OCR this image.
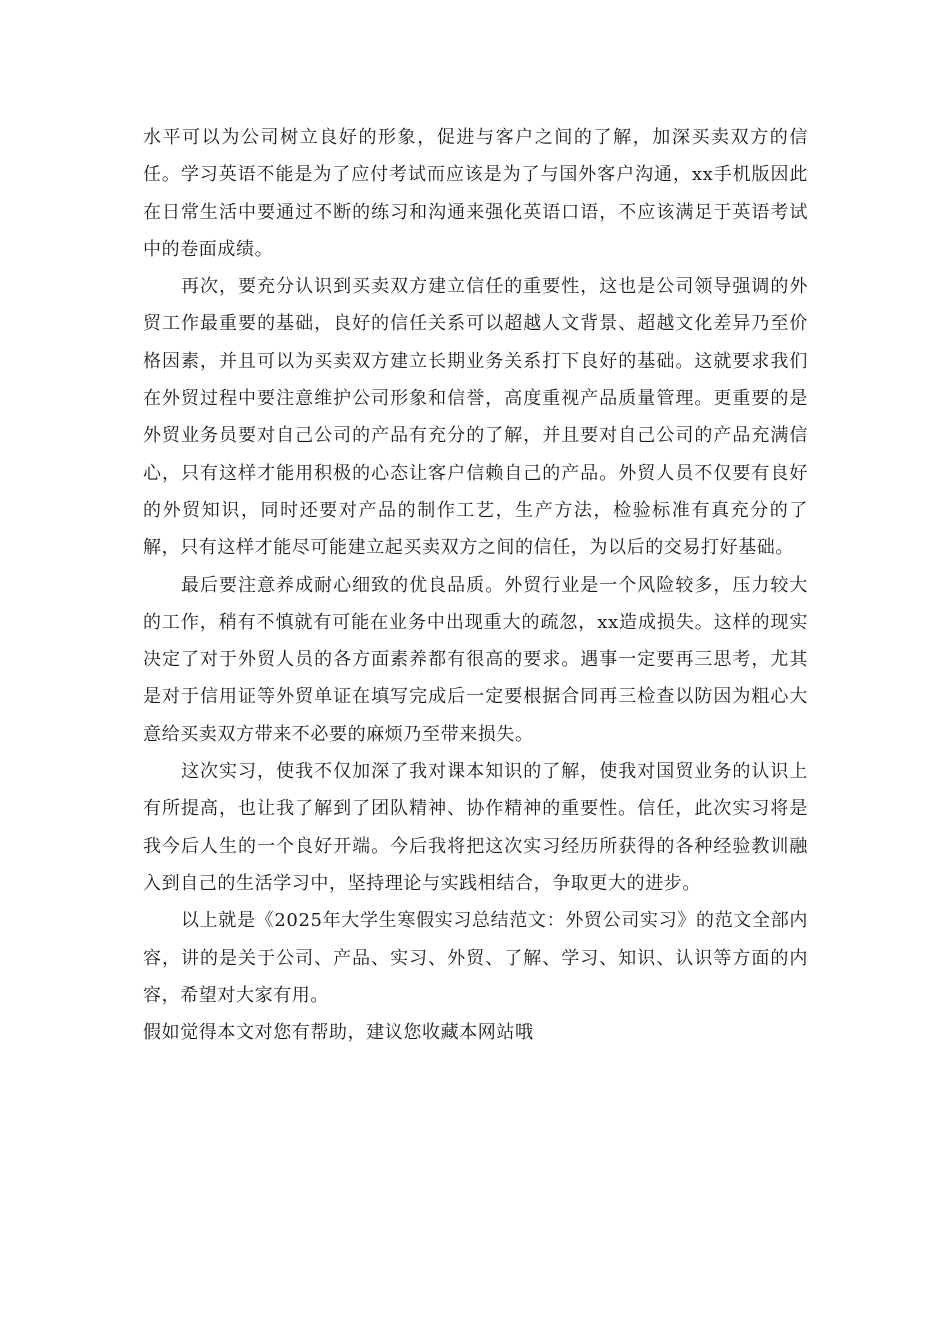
水平可以为公司树立良好的形象，促进与客户之间的了解，加深买卖双方的信任。学习英语不能是为了应付考试而应该是为了与国外客户沟通，xx手机版因此在日常生活中要通过不断的练习和沟通来强化英语口语，不应该满足于英语考试中的卷面成绩。

再次，要充分认识到买卖双方建立信任的重要性，这也是公司领导强调的外贸工作最重要的基础，良好的信任关系可以超越人文背景、超越文化差异乃至价格因素，并且可以为买卖双方建立长期业务关系打下良好的基础。这就要求我们在外贸过程中要注意维护公司形象和信誉，高度重视产品质量管理。更重要的是外贸业务员要对自己公司的产品有充分的了解，并且要对自己公司的产品充满信心，只有这样才能用积极的心态让客户信赖自己的产品。外贸人员不仅要有良好的外贸知识，同时还要对产品的制作工艺，生产方法，检验标准有真充分的了解，只有这样才能尽可能建立起买卖双方之间的信任，为以后的交易打好基础。

最后要注意养成耐心细致的优良品质。外贸行业是一个风险较多，压力较大的工作，稍有不慎就有可能在业务中出现重大的疏忽，xx造成损失。这样的现实决定了对于外贸人员的各方面素养都有很高的要求。遇事一定要再三思考，尤其是对于信用证等外贸单证在填写完成后一定要根据合同再三检查以防因为粗心大意给买卖双方带来不必要的麻烦乃至带来损失。

这次实习，使我不仅加深了我对课本知识的了解，使我对国贸业务的认识上有所提高，也让我了解到了团队精神、协作精神的重要性。信任，此次实习将是我今后人生的一个良好开端。今后我将把这次实习经历所获得的各种经验教训融入到自己的生活学习中，坚持理论与实践相结合，争取更大的进步。

以上就是《2025年大学生寒假实习总结范文：外贸公司实习》的范文全部内容，讲的是关于公司、产品、实习、外贸、了解、学习、知识、认识等方面的内容，希望对大家有用。

假如觉得本文对您有帮助，建议您收藏本网站哦
